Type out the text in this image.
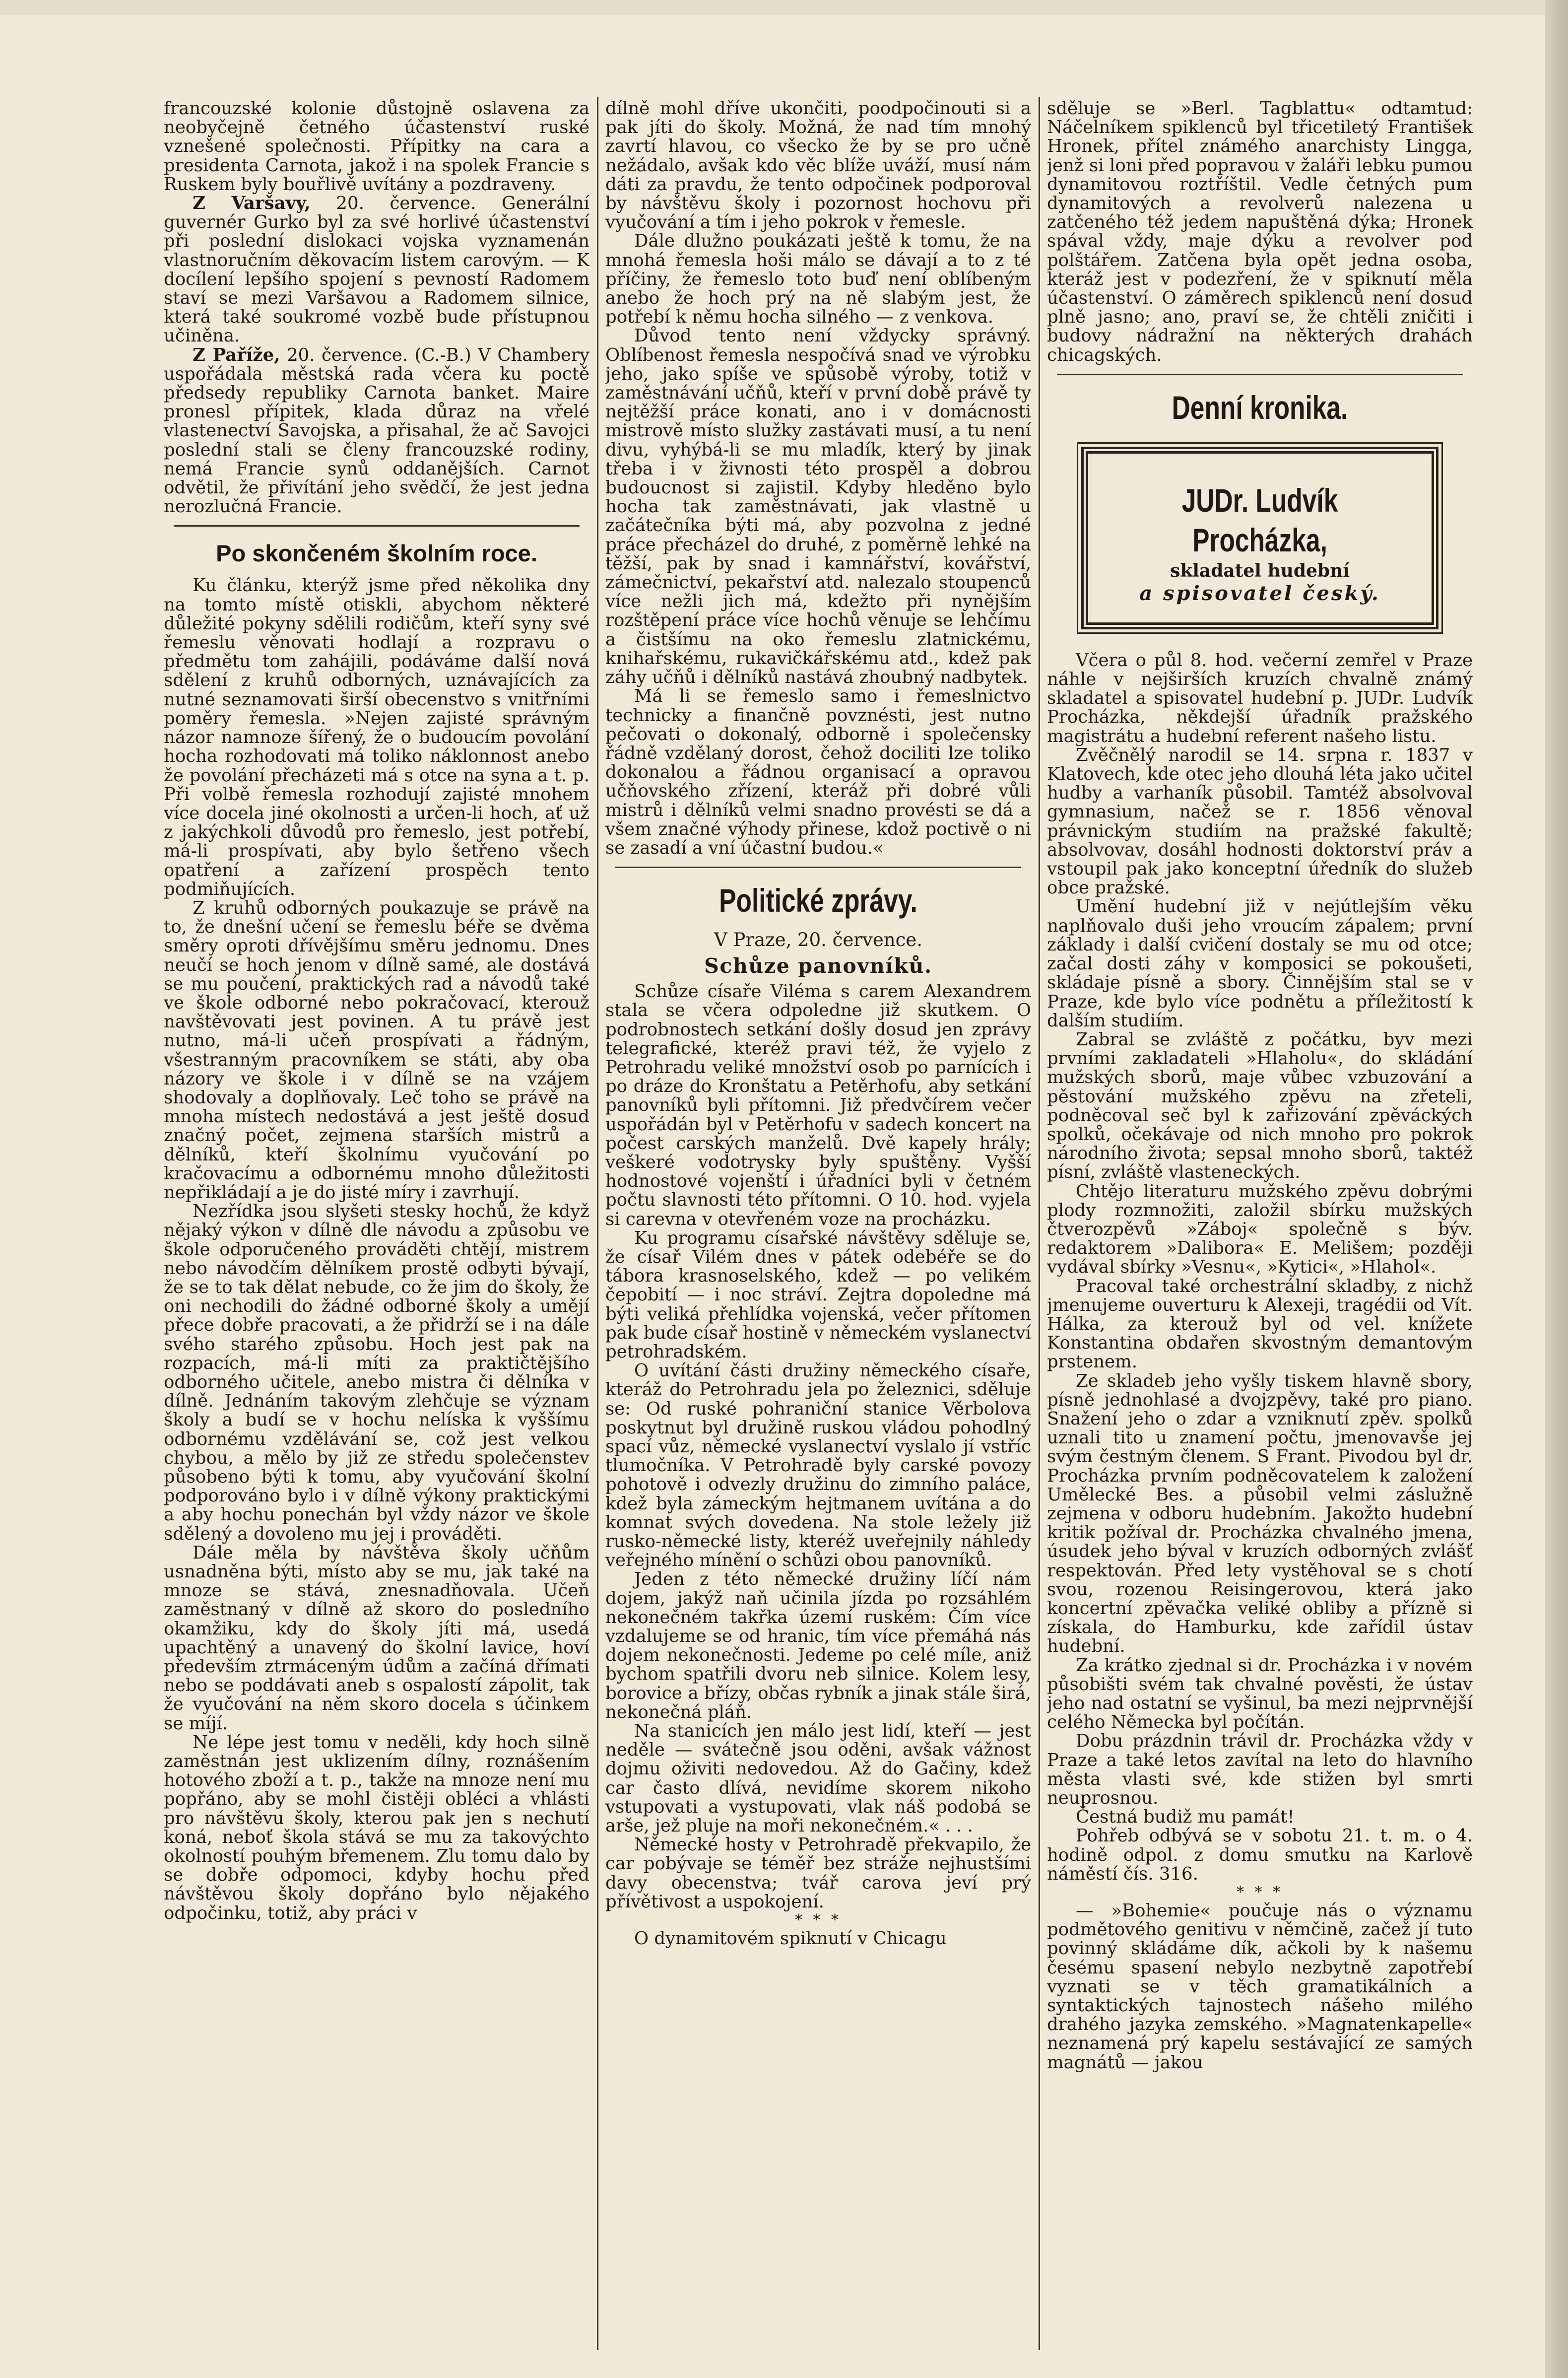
francouzské kolonie důstojně oslavena za neobyčejně četného účastenství ruské vznešené společnosti. Přípitky na cara a presidenta Carnota, jakož i na spolek Francie s Ruskem byly bouřlivě uvítány a pozdraveny.

Z Varšavy, 20. července. Generální guvernér Gurko byl za své horlivé účastenství při poslední dislokaci vojska vyznamenán vlastnoručním děkovacím listem carovým. — K docílení lepšího spojení s pevností Radomem staví se mezi Varšavou a Radomem silnice, která také soukromé vozbě bude přístupnou učiněna.

Z Paříže, 20. července. (C.-B.) V Chambery uspořádala městská rada včera ku poctě předsedy republiky Carnota banket. Maire pronesl přípitek, klada důraz na vřelé vlastenectví Savojska, a přisahal, že ač Savojci poslední stali se členy francouzské rodiny, nemá Francie synů oddanějších. Carnot odvětil, že přivítání jeho svědčí, že jest jedna nerozlučná Francie.

Po skončeném školním roce.

Ku článku, kterýž jsme před několika dny na tomto místě otiskli, abychom některé důležité pokyny sdělili rodičům, kteří syny své řemeslu věnovati hodlají a rozpravu o předmětu tom zahájili, podáváme další nová sdělení z kruhů odborných, uznávajících za nutné seznamovati širší obecenstvo s vnitřními poměry řemesla. »Nejen zajisté správným názor namnoze šířený, že o budoucím povolání hocha rozhodovati má toliko náklonnost anebo že povolání přecházeti má s otce na syna a t. p. Při volbě řemesla rozhodují zajisté mnohem více docela jiné okolnosti a určen-li hoch, ať už z jakýchkoli důvodů pro řemeslo, jest potřebí, má-li prospívati, aby bylo šetřeno všech opatření a zařízení prospěch tento podmiňujících.

Z kruhů odborných poukazuje se právě na to, že dnešní učení se řemeslu béře se dvěma směry oproti dřívějšímu směru jednomu. Dnes neučí se hoch jenom v dílně samé, ale dostává se mu poučení, praktických rad a návodů také ve škole odborné nebo pokračovací, kterouž navštěvovati jest povinen. A tu právě jest nutno, má-li učeň prospívati a řádným, všestranným pracovníkem se státi, aby oba názory ve škole i v dílně se na vzájem shodovaly a doplňovaly. Leč toho se právě na mnoha místech nedostává a jest ještě dosud značný počet, zejmena starších mistrů a dělníků, kteří školnímu vyučování po kračovacímu a odbornému mnoho důležitosti nepřikládají a je do jisté míry i zavrhují.

Nezřídka jsou slyšeti stesky hochů, že když nějaký výkon v dílně dle návodu a způsobu ve škole odporučeného prováděti chtějí, mistrem nebo návodčím dělníkem prostě odbyti bývají, že se to tak dělat nebude, co že jim do školy, že oni nechodili do žádné odborné školy a umějí přece dobře pracovati, a že přidrží se i na dále svého starého způsobu. Hoch jest pak na rozpacích, má-li míti za praktičtějšího odborného učitele, anebo mistra či dělníka v dílně. Jednáním takovým zlehčuje se význam školy a budí se v hochu nelíska k vyššímu odbornému vzdělávání se, což jest velkou chybou, a mělo by již ze středu společenstev působeno býti k tomu, aby vyučování školní podporováno bylo i v dílně výkony praktickými a aby hochu ponechán byl vždy názor ve škole sdělený a dovoleno mu jej i prováděti.

Dále měla by návštěva školy učňům usnadněna býti, místo aby se mu, jak také na mnoze se stává, znesnadňovala. Učeň zaměstnaný v dílně až skoro do posledního okamžiku, kdy do školy jíti má, usedá upachtěný a unavený do školní lavice, hoví především ztrmáceným údům a začíná dřímati nebo se poddávati aneb s ospalostí zápolit, tak že vyučování na něm skoro docela s účinkem se míjí.

Ne lépe jest tomu v neděli, kdy hoch silně zaměstnán jest uklizením dílny, roznášením hotového zboží a t. p., takže na mnoze není mu popřáno, aby se mohl čistěji obléci a vhlásti pro návštěvu školy, kterou pak jen s nechutí koná, neboť škola stává se mu za takovýchto okolností pouhým břemenem. Zlu tomu dalo by se dobře odpomoci, kdyby hochu před návštěvou školy dopřáno bylo nějakého odpočinku, totiž, aby práci v

dílně mohl dříve ukončiti, poodpočinouti si a pak jíti do školy. Možná, že nad tím mnohý zavrtí hlavou, co všecko že by se pro učně nežádalo, avšak kdo věc blíže uváží, musí nám dáti za pravdu, že tento odpočinek podporoval by návštěvu školy i pozornost hochovu při vyučování a tím i jeho pokrok v řemesle.

Dále dlužno poukázati ještě k tomu, že na mnohá řemesla hoši málo se dávají a to z té příčiny, že řemeslo toto buď není oblíbeným anebo že hoch prý na ně slabým jest, že potřebí k němu hocha silného — z venkova.

Důvod tento není vždycky správný. Oblíbenost řemesla nespočívá snad ve výrobku jeho, jako spíše ve spůsobě výroby, totiž v zaměstnávání učňů, kteří v první době právě ty nejtěžší práce konati, ano i v domácnosti mistrově místo služky zastávati musí, a tu není divu, vyhýbá-li se mu mladík, který by jinak třeba i v živnosti této prospěl a dobrou budoucnost si zajistil. Kdyby hleděno bylo hocha tak zaměstnávati, jak vlastně u začátečníka býti má, aby pozvolna z jedné práce přecházel do druhé, z poměrně lehké na těžší, pak by snad i kamnářství, kovářství, zámečnictví, pekařství atd. nalezalo stoupenců více nežli jich má, kdežto při nynějším rozštěpení práce více hochů věnuje se lehčímu a čistšímu na oko řemeslu zlatnickému, knihařskému, rukavičkářskému atd., kdež pak záhy učňů i dělníků nastává zhoubný nadbytek.

Má li se řemeslo samo i řemeslnictvo technicky a finančně povznésti, jest nutno pečovati o dokonalý, odborně i společensky řádně vzdělaný dorost, čehož dociliti lze toliko dokonalou a řádnou organisací a opravou učňovského zřízení, kteráž při dobré vůli mistrů i dělníků velmi snadno provésti se dá a všem značné výhody přinese, kdož poctivě o ni se zasadí a vní účastní budou.«

Politické zprávy.
V Praze, 20. července.
Schůze panovníků.

Schůze císaře Viléma s carem Alexandrem stala se včera odpoledne již skutkem. O podrobnostech setkání došly dosud jen zprávy telegrafické, kteréž pravi též, že vyjelo z Petrohradu veliké množství osob po parnících i po dráze do Kronštatu a Petěrhofu, aby setkání panovníků byli přítomni. Již předvčírem večer uspořádán byl v Petěrhofu v sadech koncert na počest carských manželů. Dvě kapely hrály; veškeré vodotrysky byly spuštěny. Vyšší hodnostové vojenští i úřadníci byli v četném počtu slavnosti této přítomni. O 10. hod. vyjela si carevna v otevřeném voze na procházku.

Ku programu císařské návštěvy sděluje se, že císař Vilém dnes v pátek odebéře se do tábora krasnoselského, kdež — po velikém čepobití — i noc stráví. Zejtra dopoledne má býti veliká přehlídka vojenská, večer přítomen pak bude císař hostině v německém vyslanectví petrohradském.

O uvítání části družiny německého císaře, kteráž do Petrohradu jela po železnici, sděluje se: Od ruské pohraniční stanice Věrbolova poskytnut byl družině ruskou vládou pohodlný spací vůz, německé vyslanectví vyslalo jí vstříc tlumočníka. V Petrohradě byly carské povozy pohotově i odvezly družinu do zimního paláce, kdež byla zámeckým hejtmanem uvítána a do komnat svých dovedena. Na stole ležely již rusko-německé listy, kteréž uveřejnily náhledy veřejného mínění o schůzi obou panovníků.

Jeden z této německé družiny líčí nám dojem, jakýž naň učinila jízda po rozsáhlém nekonečném takřka území ruském: Čím více vzdalujeme se od hranic, tím více přemáhá nás dojem nekonečnosti. Jedeme po celé míle, aniž bychom spatřili dvoru neb silnice. Kolem lesy, borovice a břízy, občas rybník a jinak stále širá, nekonečná pláň.

Na stanicích jen málo jest lidí, kteří — jest neděle — svátečně jsou oděni, avšak vážnost dojmu oživiti nedovedou. Až do Gačiny, kdež car často dlívá, nevidíme skorem nikoho vstupovati a vystupovati, vlak náš podobá se arše, jež pluje na moři nekonečném.« . . .

Německé hosty v Petrohradě překvapilo, že car pobývaje se téměř bez stráže nejhustšími davy obecenstva; tvář carova jeví prý přívětivost a uspokojení.

* * *

O dynamitovém spiknutí v Chicagu

sděluje se »Berl. Tagblattu« odtamtud: Náčelníkem spiklenců byl třicetiletý František Hronek, přítel známého anarchisty Lingga, jenž si loni před popravou v žaláři lebku pumou dynamitovou roztříštil. Vedle četných pum dynamitových a revolverů nalezena u zatčeného též jedem napuštěná dýka; Hronek spával vždy, maje dýku a revolver pod polštářem. Zatčena byla opět jedna osoba, kteráž jest v podezření, že v spiknutí měla účastenství. O záměrech spiklenců není dosud plně jasno; ano, praví se, že chtěli zničiti i budovy nádražní na některých drahách chicagských.

Denní kronika.
JUDr. Ludvík Procházka,
skladatel hudební
a spisovatel český.

Včera o půl 8. hod. večerní zemřel v Praze náhle v nejširších kruzích chvalně známý skladatel a spisovatel hudební p. JUDr. Ludvík Procházka, někdejší úřadník pražského magistrátu a hudební referent našeho listu.

Zvěčnělý narodil se 14. srpna r. 1837 v Klatovech, kde otec jeho dlouhá léta jako učitel hudby a varhaník působil. Tamtéž absolvoval gymnasium, načež se r. 1856 věnoval právnickým studiím na pražské fakultě; absolvovav, dosáhl hodnosti doktorství práv a vstoupil pak jako konceptní úředník do služeb obce pražské.

Umění hudební již v nejútlejším věku naplňovalo duši jeho vroucím zápalem; první základy i další cvičení dostaly se mu od otce; začal dosti záhy v komposici se pokoušeti, skládaje písně a sbory. Činnějším stal se v Praze, kde bylo více podnětu a příležitostí k dalším studiím.

Zabral se zvláště z počátku, byv mezi prvními zakladateli »Hlaholu«, do skládání mužských sborů, maje vůbec vzbuzování a pěstování mužského zpěvu na zřeteli, podněcoval seč byl k zařizování zpěváckých spolků, očekávaje od nich mnoho pro pokrok národního života; sepsal mnoho sborů, taktéž písní, zvláště vlasteneckých.

Chtějo literaturu mužského zpěvu dobrými plody rozmnožiti, založil sbírku mužských čtverozpěvů »Záboj« společně s býv. redaktorem »Dalibora« E. Melišem; později vydával sbírky »Vesnu«, »Kytici«, »Hlahol«.

Pracoval také orchestrální skladby, z nichž jmenujeme ouverturu k Alexeji, tragédii od Vít. Hálka, za kterouž byl od vel. knížete Konstantina obdařen skvostným demantovým prstenem.

Ze skladeb jeho vyšly tiskem hlavně sbory, písně jednohlasé a dvojzpěvy, také pro piano. Snažení jeho o zdar a vzniknutí zpěv. spolků uznali tito u znamení počtu, jmenovavše jej svým čestným členem. S Frant. Pivodou byl dr. Procházka prvním podněcovatelem k založení Umělecké Bes. a působil velmi záslužně zejmena v odboru hudebním. Jakožto hudební kritik požíval dr. Procházka chvalného jmena, úsudek jeho býval v kruzích odborných zvlášť respektován. Před lety vystěhoval se s chotí svou, rozenou Reisingerovou, která jako koncertní zpěvačka veliké obliby a přízně si získala, do Hamburku, kde zařídil ústav hudební.

Za krátko zjednal si dr. Procházka i v novém působišti svém tak chvalné pověsti, že ústav jeho nad ostatní se vyšinul, ba mezi nejprvnější celého Německa byl počítán.

Dobu prázdnin trávil dr. Procházka vždy v Praze a také letos zavítal na leto do hlavního města vlasti své, kde stižen byl smrti neuprosnou.

Čestná budiž mu památ!

Pohřeb odbývá se v sobotu 21. t. m. o 4. hodině odpol. z domu smutku na Karlově náměstí čís. 316.

* * *

— »Bohemie« poučuje nás o významu podmětového genitivu v němčině, začež jí tuto povinný skládáme dík, ačkoli by k našemu česému spasení nebylo nezbytně zapotřebí vyznati se v těch gramatikálních a syntaktických tajnostech nášeho milého drahého jazyka zemského. »Magnatenkapelle« neznamená prý kapelu sestávající ze samých magnátů — jakou
